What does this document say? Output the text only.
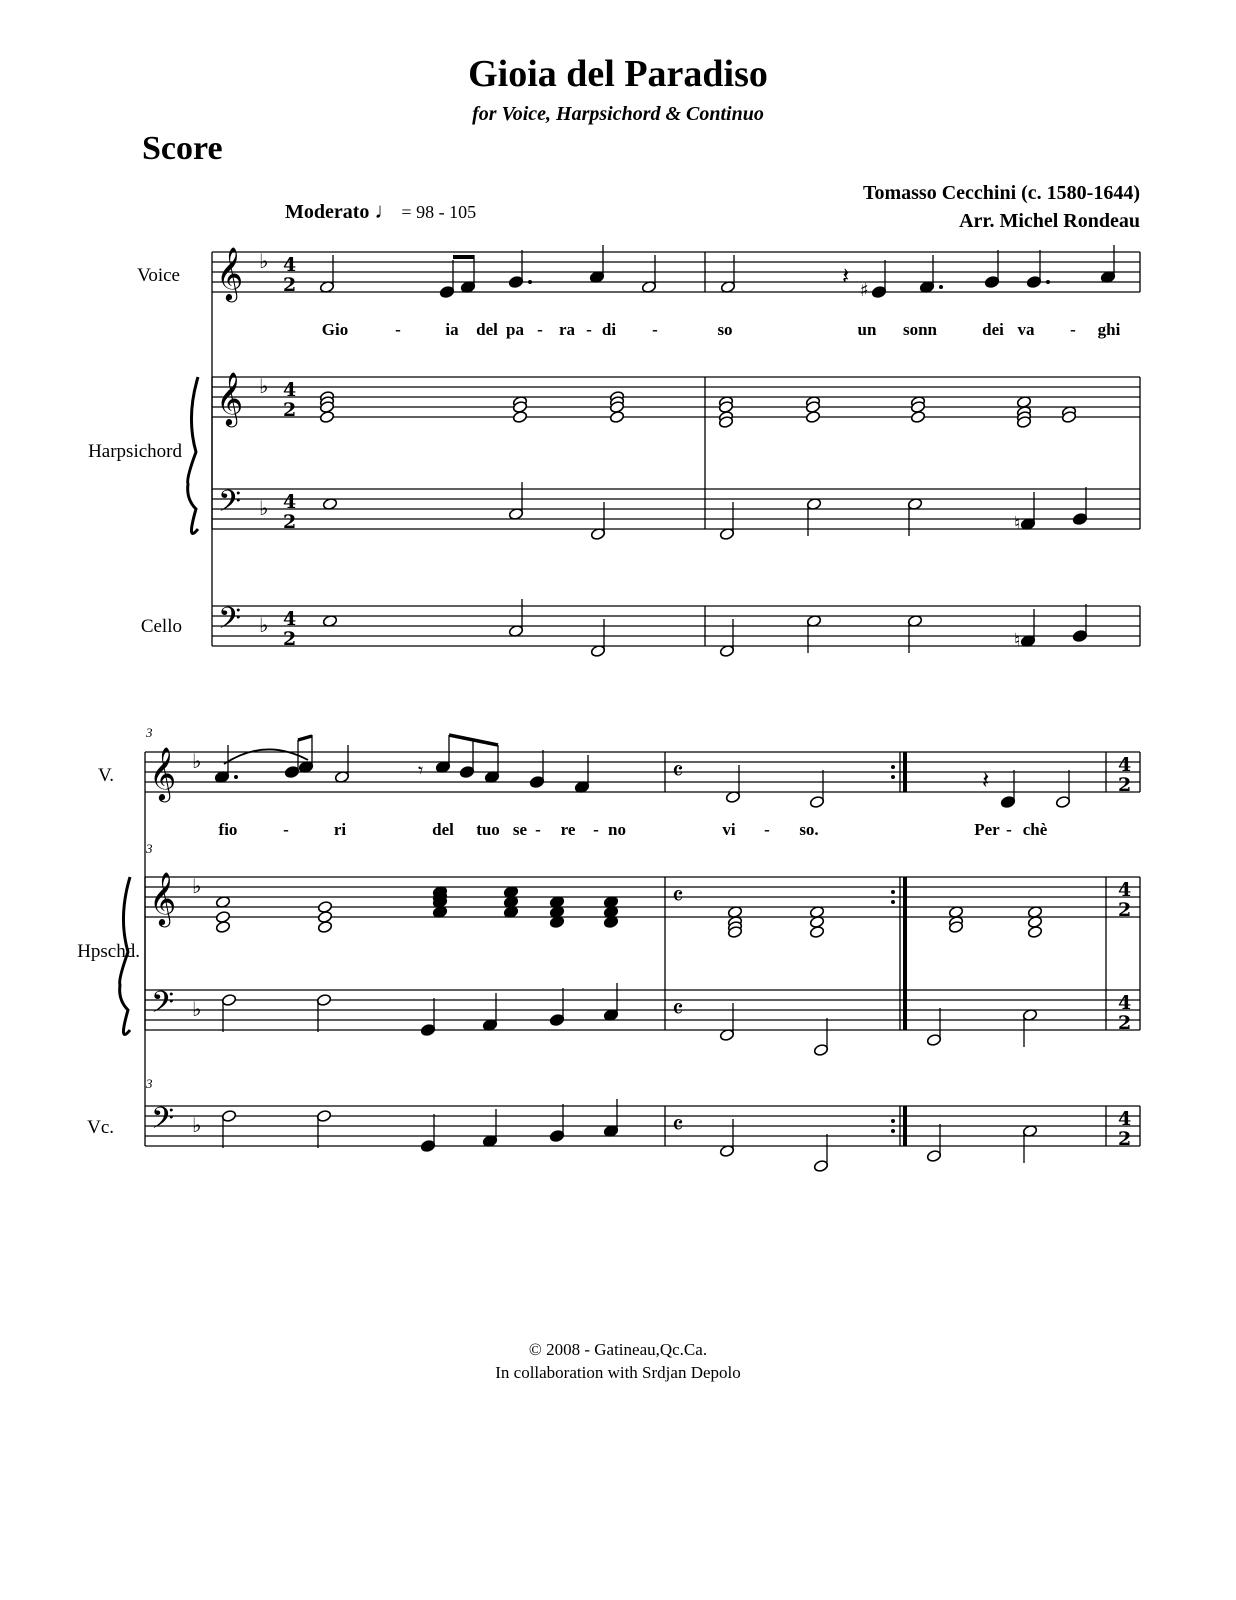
Gioia del Paradiso
for Voice, Harpsichord & Continuo
Score
Tomasso Cecchini (c. 1580-1644)
Arr. Michel Rondeau
Moderato ♩ = 98 - 105
Voice
Harpsichord
Cello
Gio	-	ia	del pa - ra - di	-	so	un	sonn	dei va	-	ghi
3
3
3
V.
Hpschd.
Vc.
fio	-	ri	del	tuo se -	re	- no	vi	-	so.	Per - chè
© 2008 - Gatineau,Qc.Ca.
In collaboration with Srdjan Depolo
𝄞
𝄞
𝄢
𝄢
♭
♭
♭
♭
𝄞
𝄞
𝄢
𝄢
♭
♭
♭
♭
4
2
4
2
4
2
4
2
𝄽
♯
♮
♮
𝄴
𝄴
𝄴
𝄴
4
2
4
2
4
2
4
2
𝄾	𝄽
